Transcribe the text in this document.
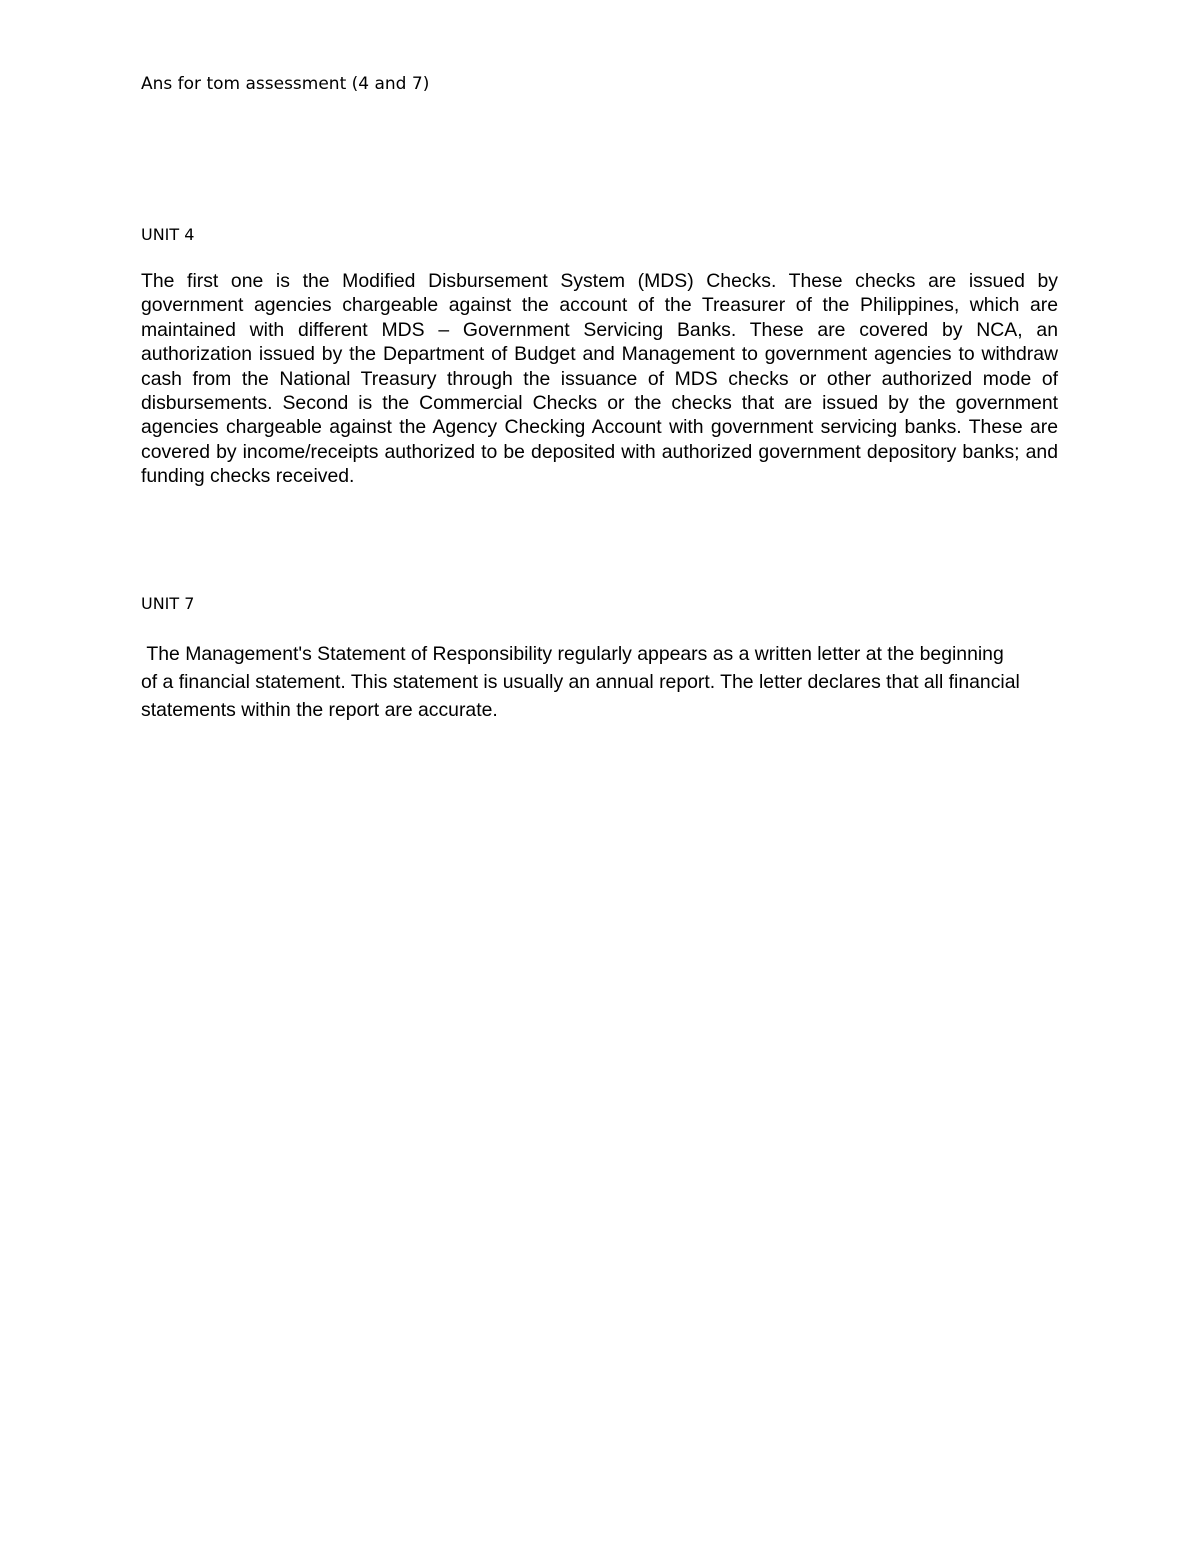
Ans for tom assessment (4 and 7)
UNIT 4
The first one is the Modified Disbursement System (MDS) Checks. These checks are issued by government agencies chargeable against the account of the Treasurer of the Philippines, which are maintained with different MDS – Government Servicing Banks. These are covered by NCA, an authorization issued by the Department of Budget and Management to government agencies to withdraw cash from the National Treasury through the issuance of MDS checks or other authorized mode of disbursements. Second is the Commercial Checks or the checks that are issued by the government agencies chargeable against the Agency Checking Account with government servicing banks. These are covered by income/receipts authorized to be deposited with authorized government depository banks; and funding checks received.
UNIT 7
The Management's Statement of Responsibility regularly appears as a written letter at the beginning of a financial statement. This statement is usually an annual report. The letter declares that all financial statements within the report are accurate.
